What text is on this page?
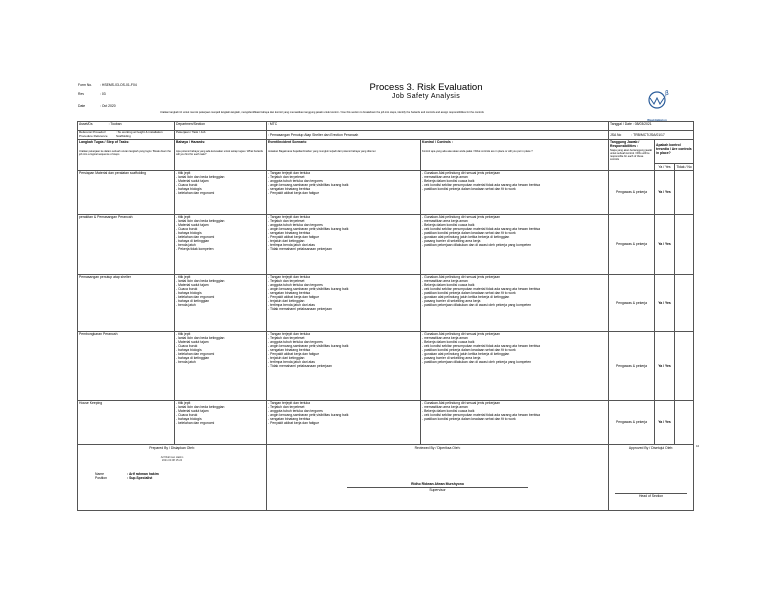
Form No.	: HSEMS-03-OS-01-F04	Process 3. Risk Evaluation
Job Safety Analysis

Rev	: 03	
Date	: Oct 2020	Uraikan langkah tiri untuk memisi pekerjaan menjadi langkah-langkah, mengidentifikasi bahaya dan kontrol yang memastikan tanggung jawab untuk kontrol. / Use this section to breakdown the job into steps, identify the hazards and controls and assign responsibilities for the controls
β
WaskitaBeton
Asset/Ds	: Tooban	Departmen/Section	: MTC	Tanggal / Date : 08/03/2021

Referensi Prosedur/ Procedure Reference
: SL working at height & installation Scaffolding
	Pekerjaan / Task / Job	: Pemasangan Penutup Atap Shelter dan Erection Perancah	JSA No	: TRB/MCT/JSA/01/17

Langkah Tugas / Step of Tasks:
Uraikan pekerjaan ke dalam sebuah urutan langkah yang logis / Break down the job into a logical sequence of steps

Bahaya / Hazards:
Apa potensi bahaya yang ada kerusakan untuk setiap tugas / What hazards will you find for each task?

Event/Incident Scenario
Jelaskan Bagaimana Kejadian/Insiden yang mungkin terjadi dari potensi bahaya yang ditemui

Kontrol / Controls :
Kontrol apa yang ada atau akan anda pakai / What controls are in place or will you put in place ?

Tanggung Jawab / Responsibilities :
Siapa yang akan bertanggung jawab untuk sebuah kontrol / Who will be responsible for each of these controls
	Apakah kontrol tersedia / Are controls in place?
Ya / Yes	Tidak / No
Persiapan Material dan peralatan scaffolding	- titik jepit
- lantai licin dan beda ketinggian
- Material sudut tajam
- Cuaca buruk
- bahaya biologis
- kelelahan dan ergonomi

- Tangan terjepit dan terluka
- Terjatuh dan terpeleset
- anggota tubuh terluka dan tergores
- angin kencang,sambaran petir,visibilitas kurang baik
- sengatan binatang berbisa
- Penyakit akibat kerja dan fatigue

- Gunakan Alat pelindung diri sesuai jenis pekerjaan
- memastikan area kerja aman
- Bekerja dalam kondisi cuaca baik
- cek kondisi sekitar penumpukan material tidak ada sarang ata hewan berbisa
- pastikan kondisi pekerja dalam keadaan sehat dan fit to work
	Pengawas & pekerja	Ya / Yes	
perakitan & Pemasangan Perancah	- titik jepit
- lantai licin dan beda ketinggian
- Material sudut tajam
- Cuaca buruk
- bahaya biologis
- kelelahan dan ergonomi
- bahaya di ketinggian
- benda jatuh
- Pekerja tidak kompeten

- Tangan terjepit dan terluka
- Terjatuh dan terpeleset
- anggota tubuh terluka dan tergores
- angin kencang,sambaran petir,visibilitas kurang baik
- sengatan binatang berbisa
- Penyakit akibat kerja dan fatigue
- terjatuh dari ketinggian
- tertimpa benda jatuh dari atas
- Tidak memahami pelaksanaan pekerjaan

- Gunakan Alat pelindung diri sesuai jenis pekerjaan
- memastikan area kerja aman
- Bekerja dalam kondisi cuaca baik
- cek kondisi sekitar penumpukan material tidak ada sarang ata hewan berbisa
- pastikan kondisi pekerja dalam keadaan sehat dan fit to work
- gunakan alat pelindung jatuh ketika bekerja di ketinggian
- pasang barrier di sekeliling area kerja
- pastikan pekerjaan dilakukan dan di awasi oleh pekerja yang kompeten	Pengawas & pekerja	Ya / Yes	
Pemasangan penutup atap shelter	- titik jepit
- lantai licin dan beda ketinggian
- Material sudut tajam
- Cuaca buruk
- bahaya biologis
- kelelahan dan ergonomi
- bahaya di ketinggian
- benda jatuh

- Tangan terjepit dan terluka
- Terjatuh dan terpeleset
- anggota tubuh terluka dan tergores
- angin kencang,sambaran petir,visibilitas kurang baik
- sengatan binatang berbisa
- Penyakit akibat kerja dan fatigue
- terjatuh dari ketinggian
- tertimpa benda jatuh dari atas
- Tidak memahami pelaksanaan pekerjaan

- Gunakan Alat pelindung diri sesuai jenis pekerjaan
- memastikan area kerja aman
- Bekerja dalam kondisi cuaca baik
- cek kondisi sekitar penumpukan material tidak ada sarang ata hewan berbisa
- pastikan kondisi pekerja dalam keadaan sehat dan fit to work
- gunakan alat pelindung jatuh ketika bekerja di ketinggian
- pasang barrier di sekeliling area kerja
- pastikan pekerjaan dilakukan dan di awasi oleh pekerja yang kompeten
	Pengawas & pekerja	Ya / Yes	
Pembongkaran Perancah	- titik jepit
- lantai licin dan beda ketinggian
- Material sudut tajam
- Cuaca buruk
- bahaya biologis
- kelelahan dan ergonomi
- bahaya di ketinggian
- benda jatuh

- Tangan terjepit dan terluka
- Terjatuh dan terpeleset
- anggota tubuh terluka dan tergores
- angin kencang,sambaran petir,visibilitas kurang baik
- sengatan binatang berbisa
- Penyakit akibat kerja dan fatigue
- terjatuh dari ketinggian
- tertimpa benda jatuh dari atas
- Tidak memahami pelaksanaan pekerjaan

- Gunakan Alat pelindung diri sesuai jenis pekerjaan
- memastikan area kerja aman
- Bekerja dalam kondisi cuaca baik
- cek kondisi sekitar penumpukan material tidak ada sarang ata hewan berbisa
- pastikan kondisi pekerja dalam keadaan sehat dan fit to work
- gunakan alat pelindung jatuh ketika bekerja di ketinggian
- pasang barrier di sekeliling area kerja
- pastikan pekerjaan dilakukan dan di awasi oleh pekerja yang kompeten
	Pengawas & pekerja	Ya / Yes	
House Keeping	- titik jepit
- lantai licin dan beda ketinggian
- Material sudut tajam
- Cuaca buruk
- bahaya biologis
- kelelahan dan ergonomi

- Tangan terjepit dan terluka
- Terjatuh dan terpeleset
- anggota tubuh terluka dan tergores
- angin kencang,sambaran petir,visibilitas kurang baik
- sengatan binatang berbisa
- Penyakit akibat kerja dan fatigue

- Gunakan Alat pelindung diri sesuai jenis pekerjaan
- memastikan area kerja aman
- Bekerja dalam kondisi cuaca baik
- cek kondisi sekitar penumpukan material tidak ada sarang ata hewan berbisa
- pastikan kondisi pekerja dalam keadaan sehat dan fit to work
	Pengawas & pekerja	Ya / Yes	

Prepared By / Disiapkan Oleh:
Arif Rahman Hakim
2021.03.08 15:24
Name	: Arif rahman hakim
Position	: Sup.Specialist

Reviewed By / Diperiksa Oleh:
Ridho Ridwan Afwan Murshyono
Supervisor

Approved By / Disetujui Oleh:
Head of Section
10
